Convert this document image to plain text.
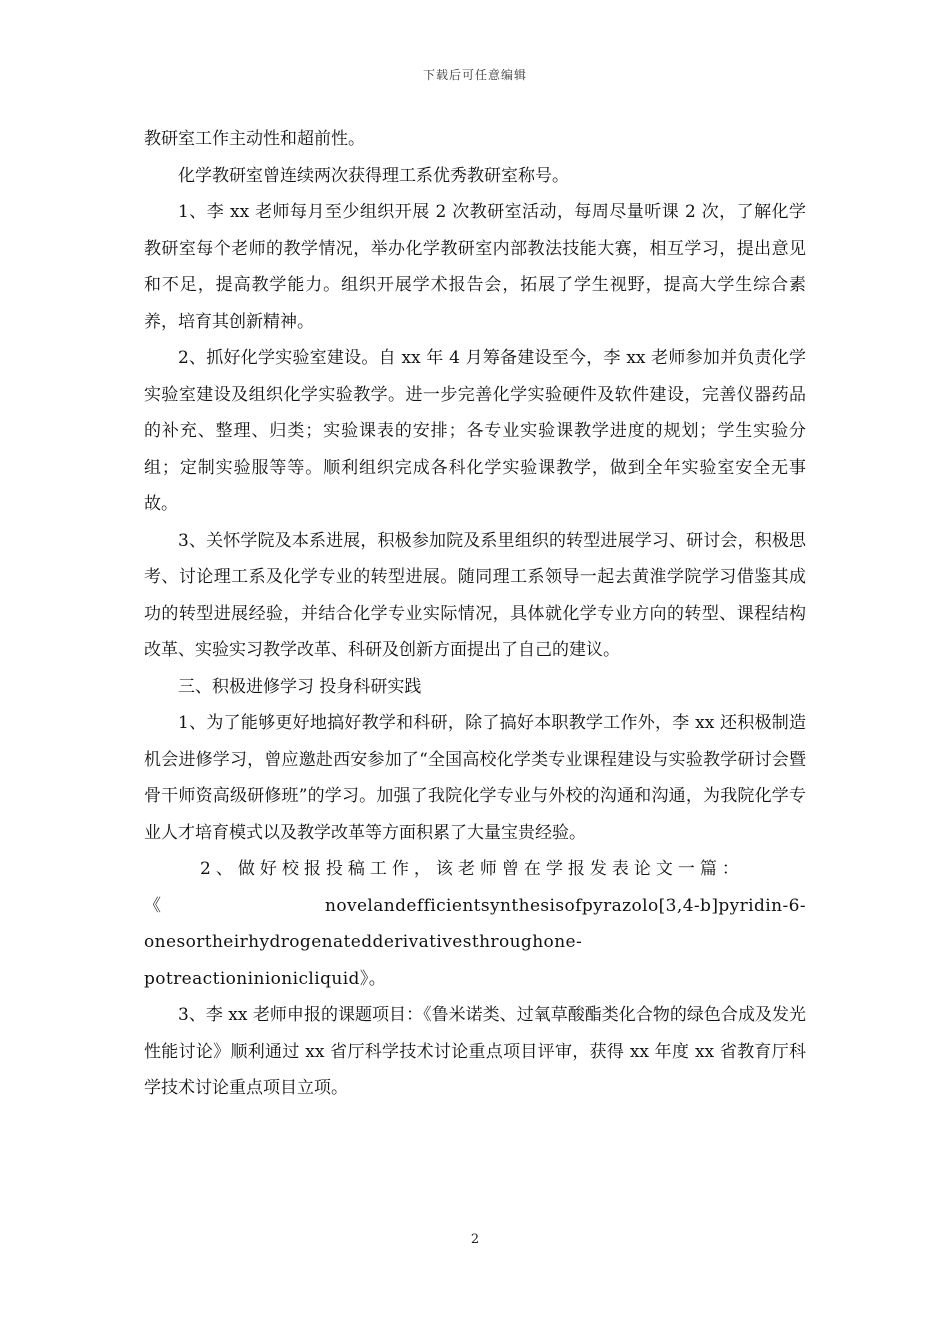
下载后可任意编辑

教研室工作主动性和超前性。

化学教研室曾连续两次获得理工系优秀教研室称号。

1、李 xx 老师每月至少组织开展 2 次教研室活动，每周尽量听课 2 次，了解化学教研室每个老师的教学情况，举办化学教研室内部教法技能大赛，相互学习，提出意见和不足，提高教学能力。组织开展学术报告会，拓展了学生视野，提高大学生综合素养，培育其创新精神。

2、抓好化学实验室建设。自 xx 年 4 月筹备建设至今，李 xx 老师参加并负责化学实验室建设及组织化学实验教学。进一步完善化学实验硬件及软件建设，完善仪器药品的补充、整理、归类；实验课表的安排；各专业实验课教学进度的规划；学生实验分组；定制实验服等等。顺利组织完成各科化学实验课教学，做到全年实验室安全无事故。

3、关怀学院及本系进展，积极参加院及系里组织的转型进展学习、研讨会，积极思考、讨论理工系及化学专业的转型进展。随同理工系领导一起去黄淮学院学习借鉴其成功的转型进展经验，并结合化学专业实际情况，具体就化学专业方向的转型、课程结构改革、实验实习教学改革、科研及创新方面提出了自己的建议。

三、积极进修学习 投身科研实践

1、为了能够更好地搞好教学和科研，除了搞好本职教学工作外，李 xx 还积极制造机会进修学习，曾应邀赴西安参加了“全国高校化学类专业课程建设与实验教学研讨会暨骨干师资高级研修班”的学习。加强了我院化学专业与外校的沟通和沟通，为我院化学专业人才培育模式以及教学改革等方面积累了大量宝贵经验。

2、做好校报投稿工作，该老师曾在学报发表论文一篇：

《	novelandefficientsynthesisofpyrazolo[3,4-b]pyridin-6-
onesortheirhydrogenatedderivativesthroughone-
potreactioninionicliquid》。

3、李 xx 老师申报的课题项目：《鲁米诺类、过氧草酸酯类化合物的绿色合成及发光性能讨论》顺利通过 xx 省厅科学技术讨论重点项目评审，获得 xx 年度 xx 省教育厅科学技术讨论重点项目立项。

2
